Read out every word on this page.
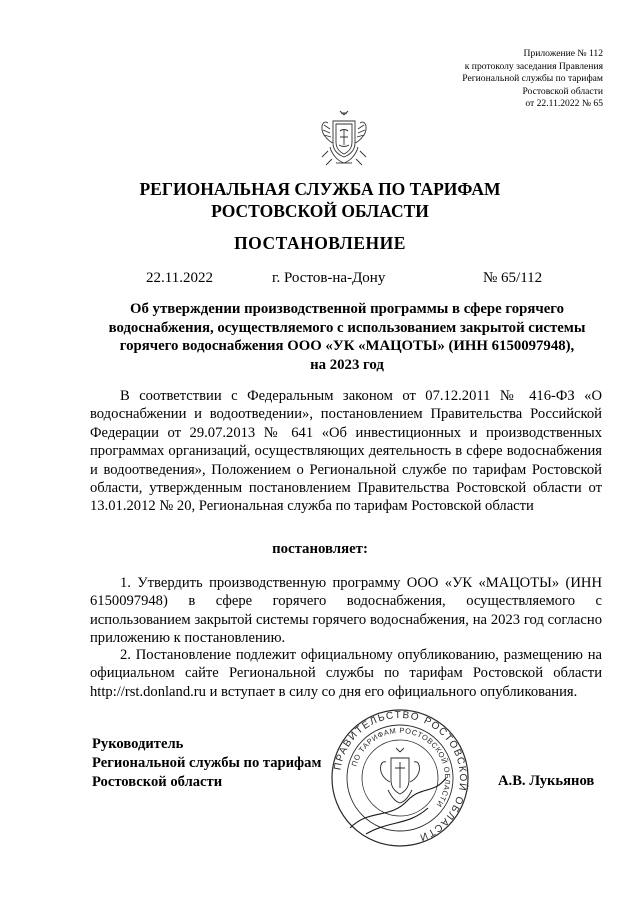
Приложение № 112
к протоколу заседания Правления
Региональной службы по тарифам
Ростовской области
от 22.11.2022 № 65
РЕГИОНАЛЬНАЯ СЛУЖБА ПО ТАРИФАМ
РОСТОВСКОЙ ОБЛАСТИ
ПОСТАНОВЛЕНИЕ
22.11.2022	г. Ростов-на-Дону	№ 65/112
Об утверждении производственной программы в сфере горячего
водоснабжения, осуществляемого с использованием закрытой системы
горячего водоснабжения ООО «УК «МАЦОТЫ» (ИНН 6150097948),
на 2023 год
В соответствии с Федеральным законом от 07.12.2011 № 416-ФЗ «О водоснабжении и водоотведении», постановлением Правительства Российской Федерации от 29.07.2013 № 641 «Об инвестиционных и производственных программах организаций, осуществляющих деятельность в сфере водоснабжения и водоотведения», Положением о Региональной службе по тарифам Ростовской области, утвержденным постановлением Правительства Ростовской области от 13.01.2012 № 20, Региональная служба по тарифам Ростовской области
постановляет:
1. Утвердить производственную программу ООО «УК «МАЦОТЫ» (ИНН 6150097948) в сфере горячего водоснабжения, осуществляемого с использованием закрытой системы горячего водоснабжения, на 2023 год согласно приложению к постановлению.
2. Постановление подлежит официальному опубликованию, размещению на официальном сайте Региональной службы по тарифам Ростовской области http://rst.donland.ru и вступает в силу со дня его официального опубликования.
Руководитель
Региональной службы по тарифам
Ростовской области
ПРАВИТЕЛЬСТВО РОСТОВСКОЙ ОБЛАСТИ
ПО ТАРИФАМ РОСТОВСКОЙ ОБЛАСТИ
А.В. Лукьянов
